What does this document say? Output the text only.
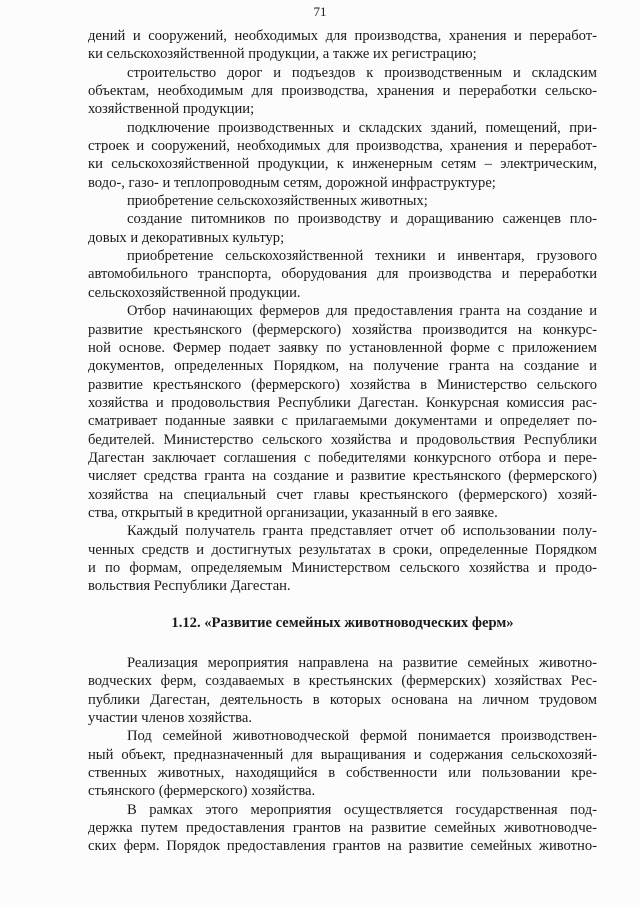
71
дений и сооружений, необходимых для производства, хранения и переработ-
ки сельскохозяйственной продукции, а также их регистрацию;
строительство дорог и подъездов к производственным и складским
объектам, необходимым для производства, хранения и переработки сельско-
хозяйственной продукции;
подключение производственных и складских зданий, помещений, при-
строек и сооружений, необходимых для производства, хранения и переработ-
ки сельскохозяйственной продукции, к инженерным сетям – электрическим,
водо-, газо- и теплопроводным сетям, дорожной инфраструктуре;
приобретение сельскохозяйственных животных;
создание питомников по производству и доращиванию саженцев пло-
довых и декоративных культур;
приобретение сельскохозяйственной техники и инвентаря, грузового
автомобильного транспорта, оборудования для производства и переработки
сельскохозяйственной продукции.
Отбор начинающих фермеров для предоставления гранта на создание и
развитие крестьянского (фермерского) хозяйства производится на конкурс-
ной основе. Фермер подает заявку по установленной форме с приложением
документов, определенных Порядком, на получение гранта на создание и
развитие крестьянского (фермерского) хозяйства в Министерство сельского
хозяйства и продовольствия Республики Дагестан. Конкурсная комиссия рас-
сматривает поданные заявки с прилагаемыми документами и определяет по-
бедителей. Министерство сельского хозяйства и продовольствия Республики
Дагестан заключает соглашения с победителями конкурсного отбора и пере-
числяет средства гранта на создание и развитие крестьянского (фермерского)
хозяйства на специальный счет главы крестьянского (фермерского) хозяй-
ства, открытый в кредитной организации, указанный в его заявке.
Каждый получатель гранта представляет отчет об использовании полу-
ченных средств и достигнутых результатах в сроки, определенные Порядком
и по формам, определяемым Министерством сельского хозяйства и продо-
вольствия Республики Дагестан.
1.12. «Развитие семейных животноводческих ферм»
Реализация мероприятия направлена на развитие семейных животно-
водческих ферм, создаваемых в крестьянских (фермерских) хозяйствах Рес-
публики Дагестан, деятельность в которых основана на личном трудовом
участии членов хозяйства.
Под семейной животноводческой фермой понимается производствен-
ный объект, предназначенный для выращивания и содержания сельскохозяй-
ственных животных, находящийся в собственности или пользовании кре-
стьянского (фермерского) хозяйства.
В рамках этого мероприятия осуществляется государственная под-
держка путем предоставления грантов на развитие семейных животноводче-
ских ферм. Порядок предоставления грантов на развитие семейных животно-
